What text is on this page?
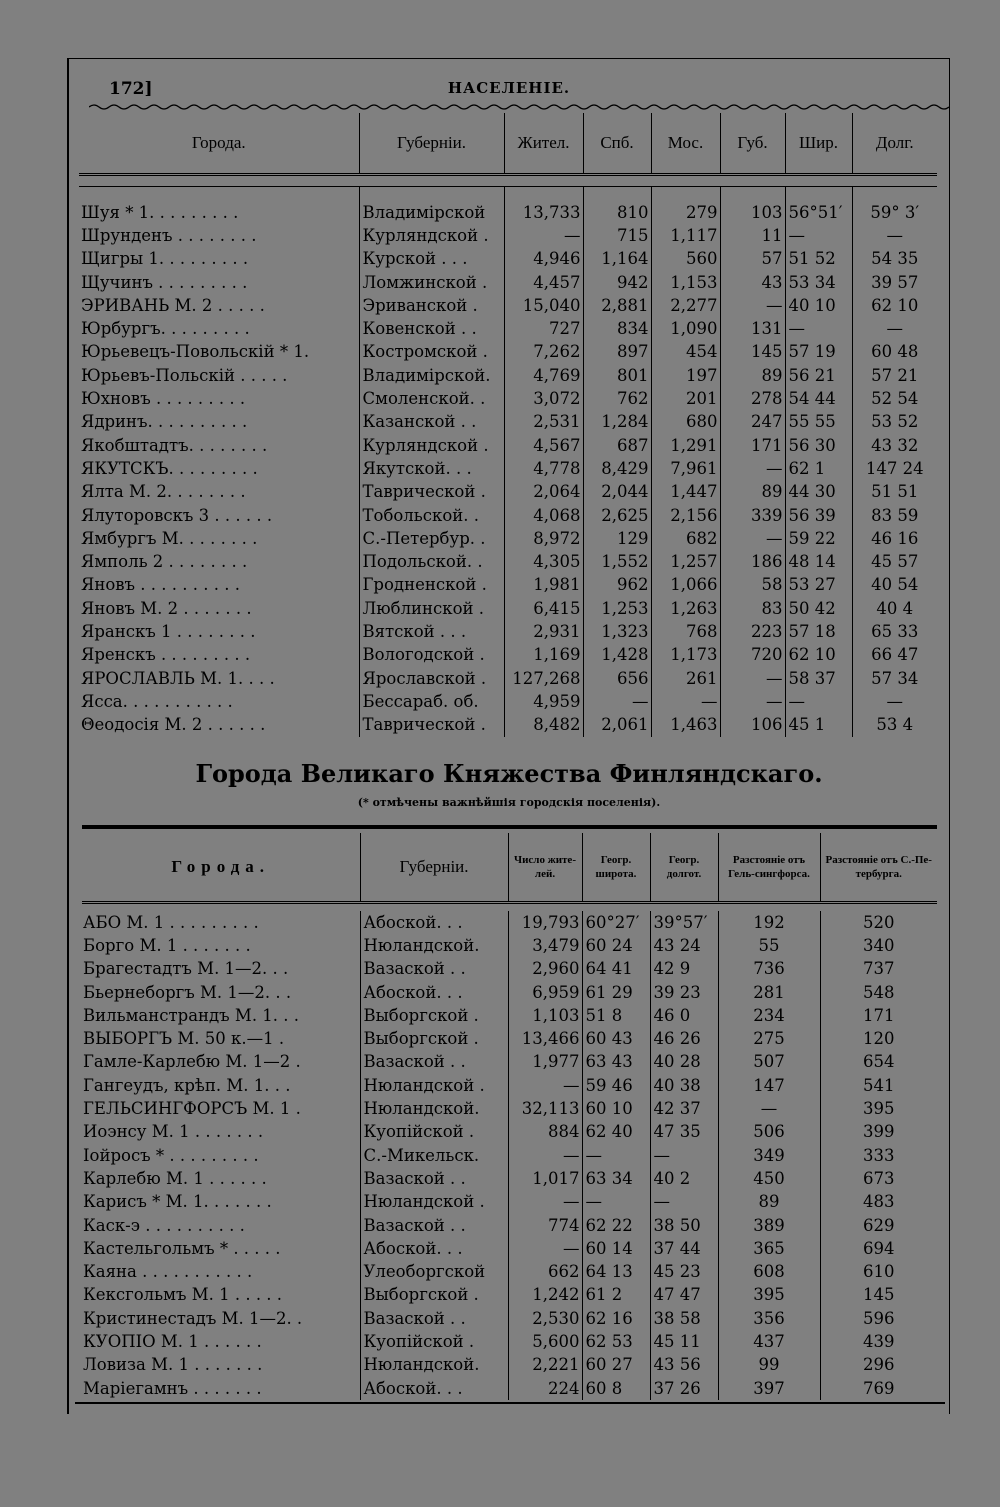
172]	НАСЕЛЕНІЕ.
Города.	Губерніи.	Жител.	Спб.	Мос.	Губ.	Шир.	Долг.

Шуя * 1. . . . . . . . .	Владимірской	13,733	810	279	103	56°51′	59° 3′
Шрунденъ . . . . . . . .	Курляндской .	—	715	1,117	11	—	—
Щигры 1. . . . . . . . .	Курской . . .	4,946	1,164	560	57	51 52	54 35
Щучинъ . . . . . . . . .	Ломжинской .	4,457	942	1,153	43	53 34	39 57
ЭРИВАНЬ М. 2 . . . . .	Эриванской .	15,040	2,881	2,277	—	40 10	62 10
Юрбургъ. . . . . . . . .	Ковенской . .	727	834	1,090	131	—	—
Юрьевецъ-Повольскій * 1.	Костромской .	7,262	897	454	145	57 19	60 48
Юрьевъ-Польскій . . . . .	Владимірской.	4,769	801	197	89	56 21	57 21
Юхновъ . . . . . . . . .	Смоленской. .	3,072	762	201	278	54 44	52 54
Ядринъ. . . . . . . . . .	Казанской . .	2,531	1,284	680	247	55 55	53 52
Якобштадтъ. . . . . . . .	Курляндской .	4,567	687	1,291	171	56 30	43 32
ЯКУТСКЪ. . . . . . . . .	Якутской. . .	4,778	8,429	7,961	—	62 1	147 24
Ялта М. 2. . . . . . . .	Таврической .	2,064	2,044	1,447	89	44 30	51 51
Ялуторовскъ 3 . . . . . .	Тобольской. .	4,068	2,625	2,156	339	56 39	83 59
Ямбургъ М. . . . . . . .	С.-Петербур. .	8,972	129	682	—	59 22	46 16
Ямполь 2 . . . . . . . .	Подольской. .	4,305	1,552	1,257	186	48 14	45 57
Яновъ . . . . . . . . . .	Гродненской .	1,981	962	1,066	58	53 27	40 54
Яновъ М. 2 . . . . . . .	Люблинской .	6,415	1,253	1,263	83	50 42	40 4
Яранскъ 1 . . . . . . . .	Вятской . . .	2,931	1,323	768	223	57 18	65 33
Яренскъ . . . . . . . . .	Вологодской .	1,169	1,428	1,173	720	62 10	66 47
ЯРОСЛАВЛЬ М. 1. . . .	Ярославской .	127,268	656	261	—	58 37	57 34
Ясса. . . . . . . . . . .	Бессараб. об.	4,959	—	—	—	—	—
Θеодосія М. 2 . . . . . .	Таврической .	8,482	2,061	1,463	106	45 1	53 4
Города Великаго Княжества Финляндскаго.
(* отмѣчены важнѣйшія городскія поселенія).

Города.	Губерніи.	Число жите-лей.	Геогр. широта.	Геогр. долгот.	Разстояніе отъ Гель-сингфорса.	Разстояніе отъ С.-Пе-тербурга.

АБО М. 1 . . . . . . . . .	Абоской. . .	19,793	60°27′	39°57′	192	520
Борго М. 1 . . . . . . .	Нюландской.	3,479	60 24	43 24	55	340
Брагестадтъ М. 1—2. . .	Вазаской . .	2,960	64 41	42 9	736	737
Бьернеборгъ М. 1—2. . .	Абоской. . .	6,959	61 29	39 23	281	548
Вильманстрандъ М. 1. . .	Выборгской .	1,103	51 8	46 0	234	171
ВЫБОРГЪ М. 50 к.—1 .	Выборгской .	13,466	60 43	46 26	275	120
Гамле-Карлебю М. 1—2 .	Вазаской . .	1,977	63 43	40 28	507	654
Гангеудъ, крѣп. М. 1. . .	Нюландской .	—	59 46	40 38	147	541
ГЕЛЬСИНГФОРСЪ М. 1 .	Нюландской.	32,113	60 10	42 37	—	395
Иоэнсу М. 1 . . . . . . .	Куопійской .	884	62 40	47 35	506	399
Іойросъ * . . . . . . . . .	С.-Микельск.	—	—	—	349	333
Карлебю М. 1 . . . . . .	Вазаской . .	1,017	63 34	40 2	450	673
Карисъ * М. 1. . . . . . .	Нюландской .	—	—	—	89	483
Каск-э . . . . . . . . . .	Вазаской . .	774	62 22	38 50	389	629
Кастельгольмъ * . . . . .	Абоской. . .	—	60 14	37 44	365	694
Каяна . . . . . . . . . . .	Улеоборгской	662	64 13	45 23	608	610
Кексгольмъ М. 1 . . . . .	Выборгской .	1,242	61 2	47 47	395	145
Кристинестадъ М. 1—2. .	Вазаской . .	2,530	62 16	38 58	356	596
КУОПІО М. 1 . . . . . .	Куопійской .	5,600	62 53	45 11	437	439
Ловиза М. 1 . . . . . . .	Нюландской.	2,221	60 27	43 56	99	296
Маріегамнъ . . . . . . .	Абоской. . .	224	60 8	37 26	397	769
